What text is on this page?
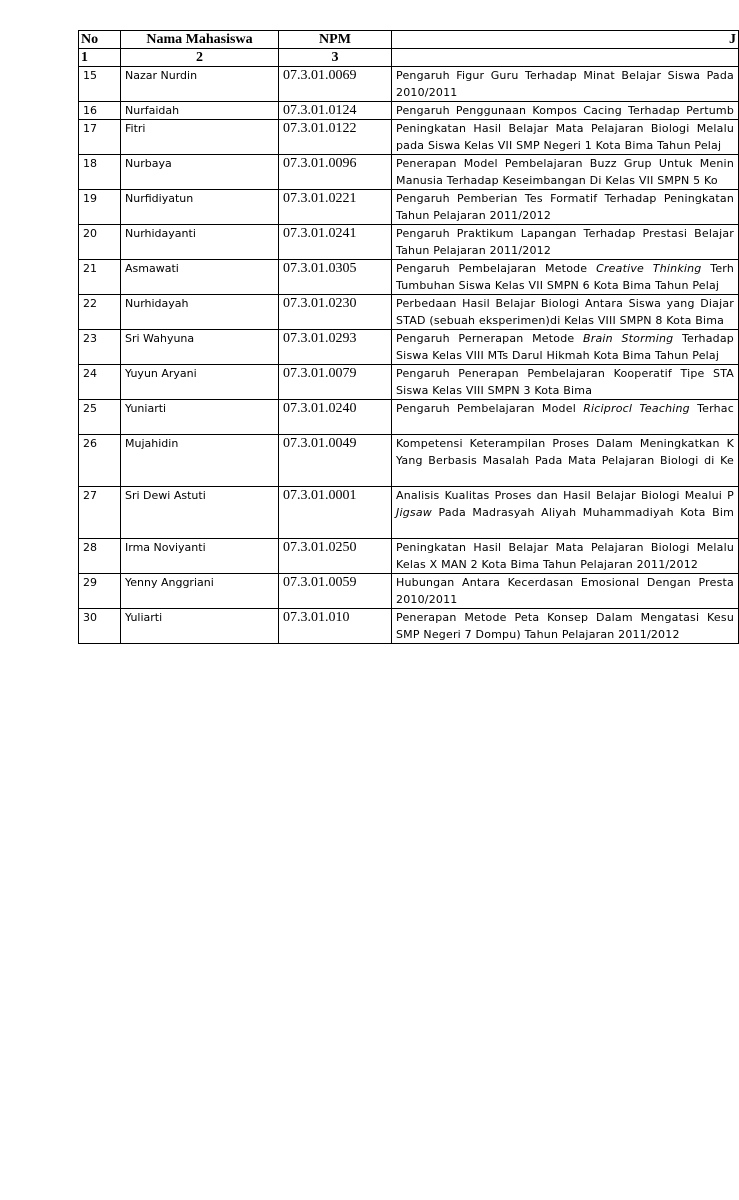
No	Nama Mahasiswa	NPM	J
1	2	3	
15	Nazar Nurdin	07.3.01.0069	Pengaruh Figur Guru Terhadap Minat Belajar Siswa Pada
2010/2011

16	Nurfaidah	07.3.01.0124	Pengaruh Penggunaan Kompos Cacing Terhadap Pertumb

17	Fitri	07.3.01.0122	Peningkatan Hasil Belajar Mata Pelajaran Biologi Melalu
pada Siswa Kelas VII SMP Negeri 1 Kota Bima Tahun Pelaj

18	Nurbaya	07.3.01.0096	Penerapan Model Pembelajaran Buzz Grup Untuk Menin
Manusia Terhadap Keseimbangan Di Kelas VII SMPN 5 Ko

19	Nurfidiyatun	07.3.01.0221	Pengaruh Pemberian Tes Formatif Terhadap Peningkatan
Tahun Pelajaran 2011/2012

20	Nurhidayanti	07.3.01.0241	Pengaruh Praktikum Lapangan Terhadap Prestasi Belajar
Tahun Pelajaran 2011/2012

21	Asmawati	07.3.01.0305	Pengaruh Pembelajaran Metode Creative Thinking Terh
Tumbuhan Siswa Kelas VII SMPN 6 Kota Bima Tahun Pelaj

22	Nurhidayah	07.3.01.0230	Perbedaan Hasil Belajar Biologi Antara Siswa yang Diajar
STAD (sebuah eksperimen)di Kelas VIII SMPN 8 Kota Bima

23	Sri Wahyuna	07.3.01.0293	Pengaruh Pernerapan Metode Brain Storming Terhadap
Siswa Kelas VIII MTs Darul Hikmah Kota Bima Tahun Pelaj

24	Yuyun Aryani	07.3.01.0079	Pengaruh Penerapan Pembelajaran Kooperatif Tipe STA
Siswa Kelas VIII SMPN 3 Kota Bima

25	Yuniarti	07.3.01.0240	Pengaruh Pembelajaran Model Riciprocl Teaching Terhac

26	Mujahidin	07.3.01.0049	Kompetensi Keterampilan Proses Dalam Meningkatkan K
Yang Berbasis Masalah Pada Mata Pelajaran Biologi di Ke

27	Sri Dewi Astuti	07.3.01.0001	Analisis Kualitas Proses dan Hasil Belajar Biologi Mealui P
Jigsaw Pada Madrasyah Aliyah Muhammadiyah Kota Bim

28	Irma Noviyanti	07.3.01.0250	Peningkatan Hasil Belajar Mata Pelajaran Biologi Melalu
Kelas X MAN 2 Kota Bima Tahun Pelajaran 2011/2012

29	Yenny Anggriani	07.3.01.0059	Hubungan Antara Kecerdasan Emosional Dengan Presta
2010/2011

30	Yuliarti	07.3.01.010	Penerapan Metode Peta Konsep Dalam Mengatasi Kesu
SMP Negeri 7 Dompu) Tahun Pelajaran 2011/2012
